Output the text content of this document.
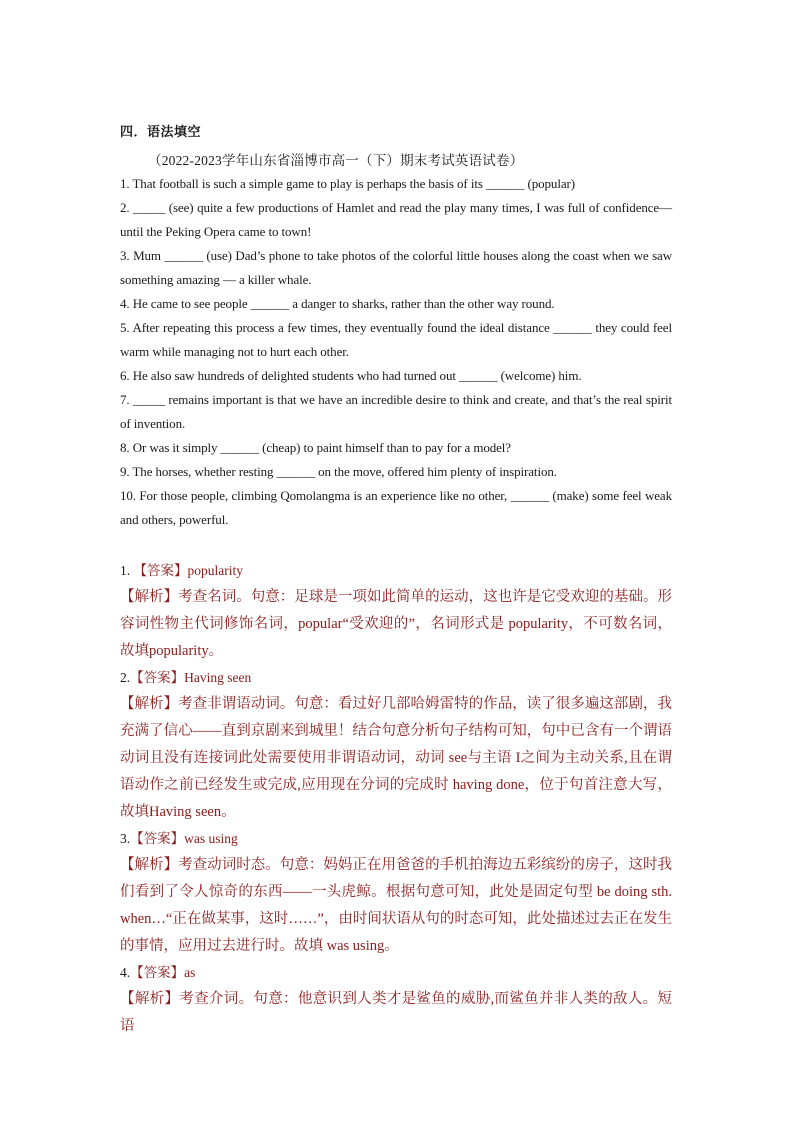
四．语法填空
（2022-2023学年山东省淄博市高一（下）期末考试英语试卷）

1. That football is such a simple game to play is perhaps the basis of its ______ (popular)

2. _____ (see) quite a few productions of Hamlet and read the play many times, I was full of confidence— until the Peking Opera came to town!

3. Mum ______ (use) Dad’s phone to take photos of the colorful little houses along the coast when we saw something amazing — a killer whale.

4. He came to see people ______ a danger to sharks, rather than the other way round.

5. After repeating this process a few times, they eventually found the ideal distance ______ they could feel warm while managing not to hurt each other.

6. He also saw hundreds of delighted students who had turned out ______ (welcome) him.

7. _____ remains important is that we have an incredible desire to think and create, and that’s the real spirit of invention.

8. Or was it simply ______ (cheap) to paint himself than to pay for a model?

9. The horses, whether resting ______ on the move, offered him plenty of inspiration.

10. For those people, climbing Qomolangma is an experience like no other, ______ (make) some feel weak and others, powerful.

1. 【答案】popularity

【解析】考查名词。句意：足球是一项如此简单的运动，这也许是它受欢迎的基础。形容词性物主代词修饰名词，popular“受欢迎的”，名词形式是 popularity，不可数名词，故填popularity。

2.【答案】Having seen

【解析】考查非谓语动词。句意：看过好几部哈姆雷特的作品，读了很多遍这部剧，我充满了信心——直到京剧来到城里！结合句意分析句子结构可知，句中已含有一个谓语动词且没有连接词此处需要使用非谓语动词，动词 see与主语 I之间为主动关系,且在谓语动作之前已经发生或完成,应用现在分词的完成时 having done，位于句首注意大写，故填Having seen。

3.【答案】was using

【解析】考查动词时态。句意：妈妈正在用爸爸的手机拍海边五彩缤纷的房子，这时我们看到了令人惊奇的东西——一头虎鲸。根据句意可知，此处是固定句型 be doing sth. when…“正在做某事，这时……”，由时间状语从句的时态可知，此处描述过去正在发生的事情，应用过去进行时。故填 was using。

4.【答案】as

【解析】考查介词。句意：他意识到人类才是鲨鱼的威胁,而鲨鱼并非人类的敌人。短语
